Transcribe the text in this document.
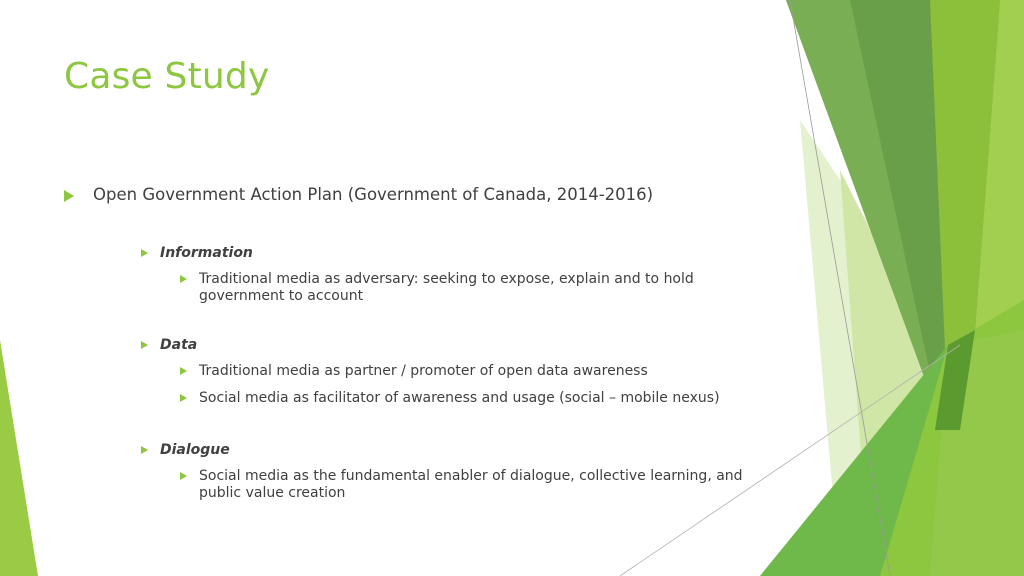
Case Study
Open Government Action Plan (Government of Canada, 2014-2016)
Information
Traditional media as adversary: seeking to expose, explain and to hold government to account
Data
Traditional media as partner / promoter of open data awareness
Social media as facilitator of awareness and usage (social – mobile nexus)
Dialogue
Social media as the fundamental enabler of dialogue, collective learning, and public value creation
